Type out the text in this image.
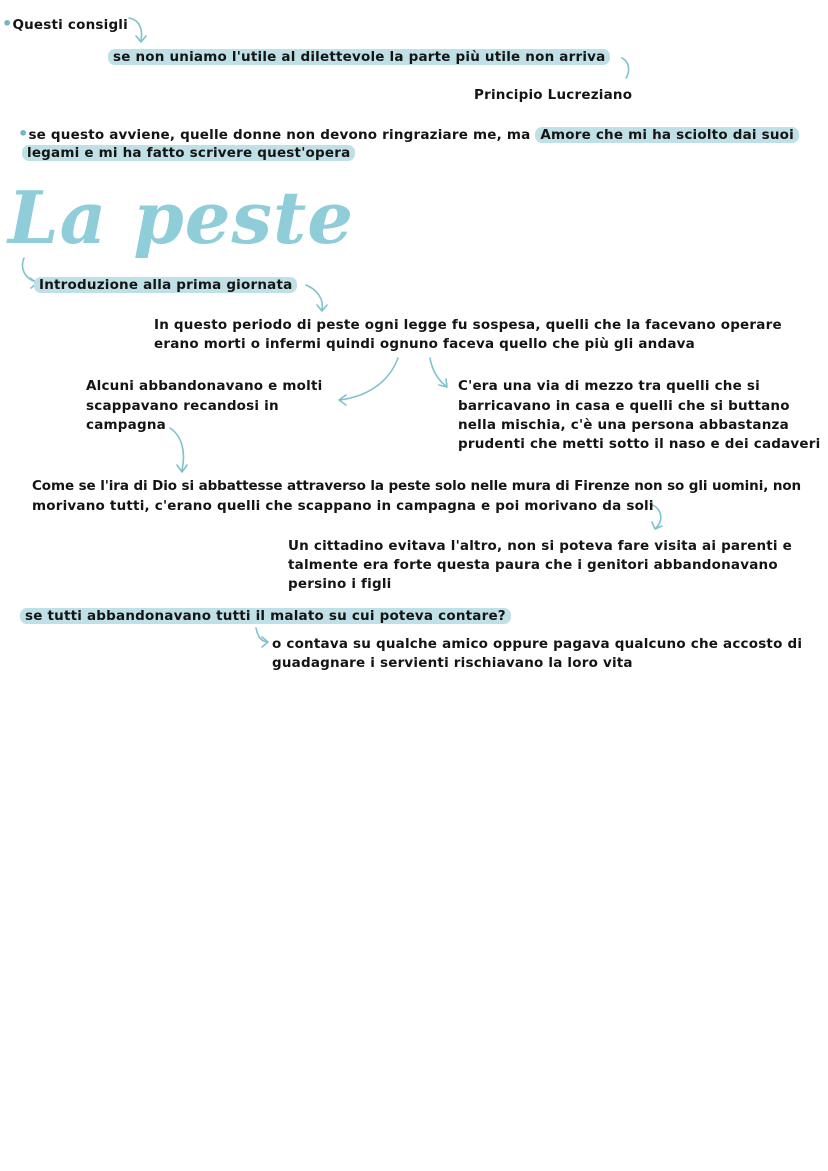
•Questi consigli

se non uniamo l'utile al dilettevole la parte più utile non arriva

Principio Lucreziano

•se questo avviene, quelle donne non devono ringraziare me, ma Amore che mi ha sciolto dai suoi

legami e mi ha fatto scrivere quest'opera

La peste

Introduzione alla prima giornata

In questo periodo di peste ogni legge fu sospesa, quelli che la facevano operare

erano morti o infermi quindi ognuno faceva quello che più gli andava

Alcuni abbandonavano e molti

scappavano recandosi in

campagna

C'era una via di mezzo tra quelli che si

barricavano in casa e quelli che si buttano

nella mischia, c'è una persona abbastanza

prudenti che metti sotto il naso e dei cadaveri

Come se l'ira di Dio si abbattesse attraverso la peste solo nelle mura di Firenze non so gli uomini, non

morivano tutti, c'erano quelli che scappano in campagna e poi morivano da soli

Un cittadino evitava l'altro, non si poteva fare visita ai parenti e

talmente era forte questa paura che i genitori abbandonavano

persino i figli

se tutti abbandonavano tutti il malato su cui poteva contare?

o contava su qualche amico oppure pagava qualcuno che accosto di

guadagnare i servienti rischiavano la loro vita
